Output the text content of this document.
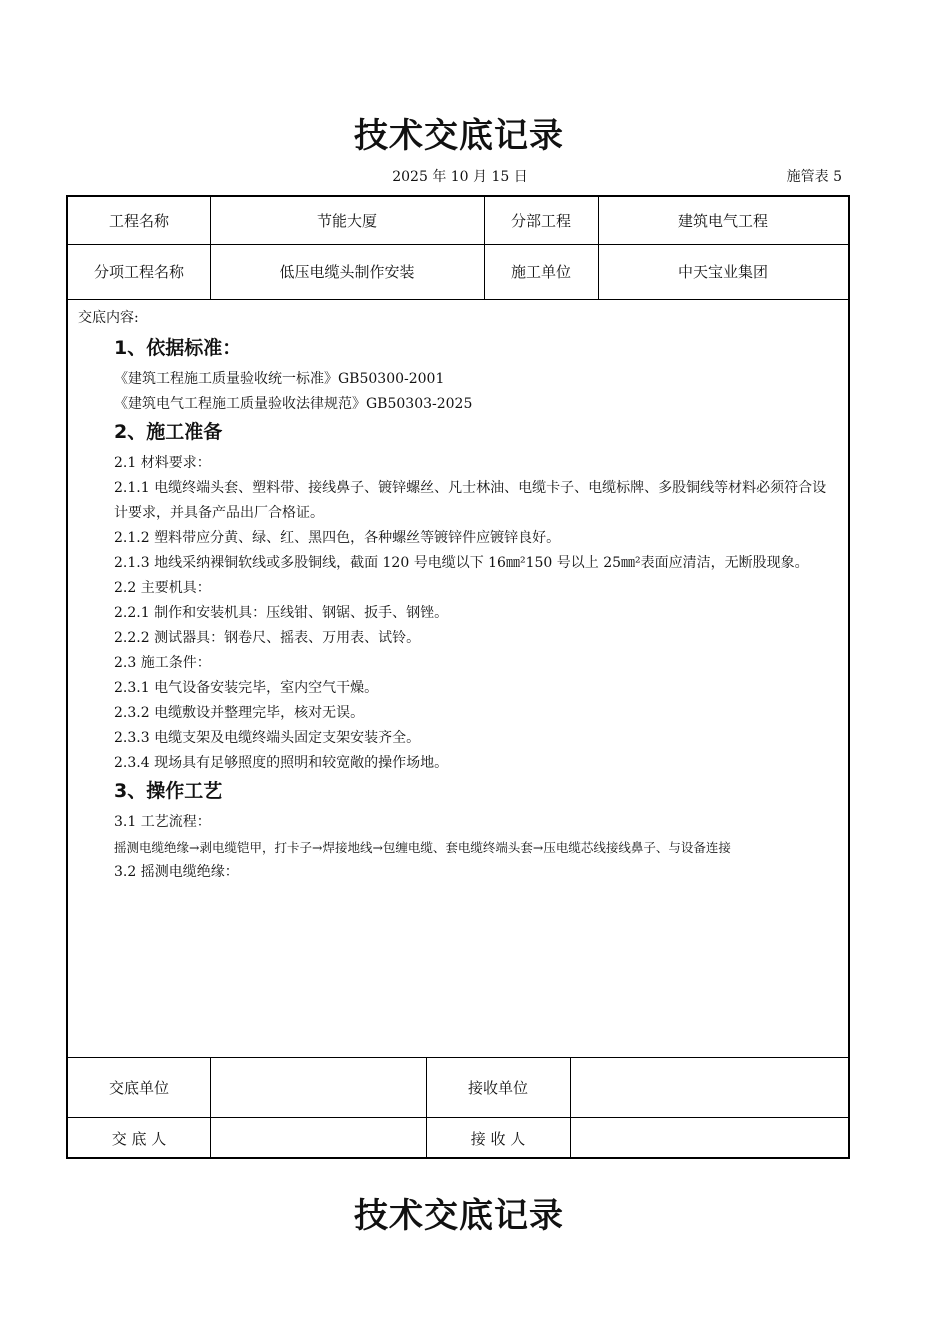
技术交底记录
2025 年 10 月 15 日	施管表 5
工程名称	节能大厦	分部工程	建筑电气工程
分项工程名称	低压电缆头制作安装	施工单位	中天宝业集团

交底内容:

1、依据标准：

《建筑工程施工质量验收统一标准》GB50300-2001

《建筑电气工程施工质量验收法律规范》GB50303-2025

2、施工准备

2.1 材料要求：

2.1.1 电缆终端头套、塑料带、接线鼻子、镀锌螺丝、凡士林油、电缆卡子、电缆标牌、多股铜线等材料必须符合设计要求，并具备产品出厂合格证。

2.1.2 塑料带应分黄、绿、红、黑四色，各种螺丝等镀锌件应镀锌良好。

2.1.3 地线采纳裸铜软线或多股铜线，截面 120 号电缆以下 16㎜²150 号以上 25㎜²表面应清洁，无断股现象。

2.2 主要机具：

2.2.1 制作和安装机具：压线钳、钢锯、扳手、钢锉。

2.2.2 测试器具：钢卷尺、摇表、万用表、试铃。

2.3 施工条件：

2.3.1 电气设备安装完毕，室内空气干燥。

2.3.2 电缆敷设并整理完毕，核对无误。

2.3.3 电缆支架及电缆终端头固定支架安装齐全。

2.3.4 现场具有足够照度的照明和较宽敞的操作场地。

3、操作工艺

3.1 工艺流程：

摇测电缆绝缘→剥电缆铠甲，打卡子→焊接地线→包缠电缆、套电缆终端头套→压电缆芯线接线鼻子、与设备连接

3.2 摇测电缆绝缘：

交底单位	接收单位
交 底 人	接 收 人
技术交底记录
